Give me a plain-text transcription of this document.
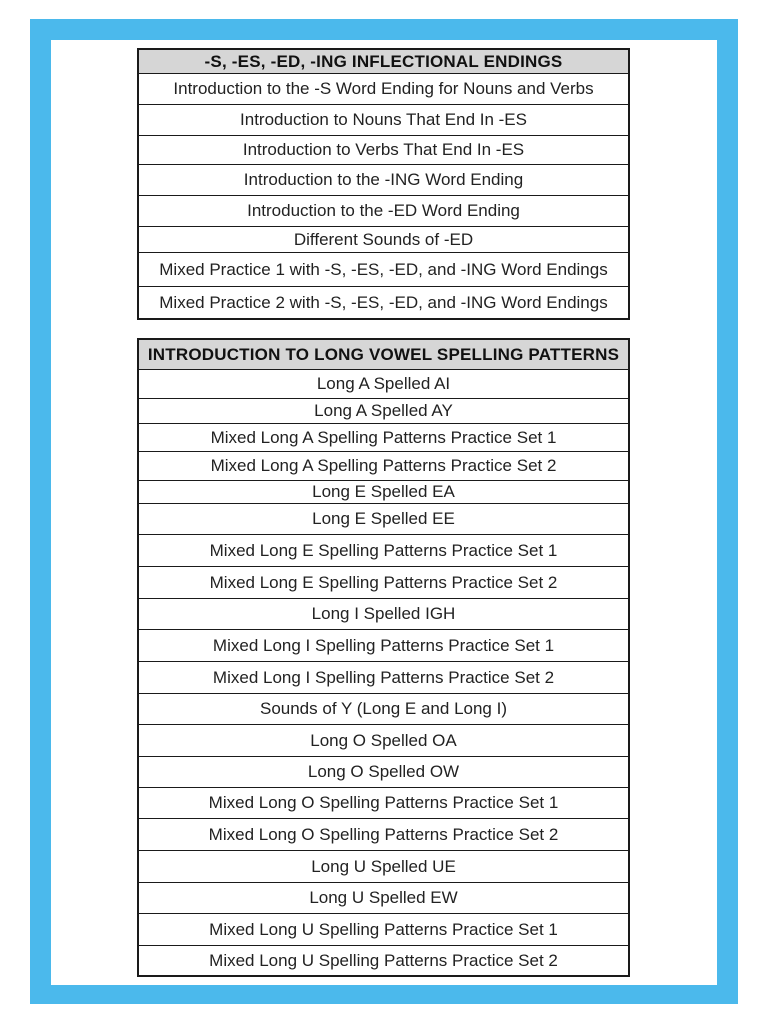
-S, -ES, -ED, -ING INFLECTIONAL ENDINGS
Introduction to the -S Word Ending for Nouns and Verbs
Introduction to Nouns That End In -ES
Introduction to Verbs That End In -ES
Introduction to the -ING Word Ending
Introduction to the -ED Word Ending
Different Sounds of -ED
Mixed Practice 1 with -S, -ES, -ED, and -ING Word Endings
Mixed Practice 2 with -S, -ES, -ED, and -ING Word Endings
INTRODUCTION TO LONG VOWEL SPELLING PATTERNS
Long A Spelled AI
Long A Spelled AY
Mixed Long A Spelling Patterns Practice Set 1
Mixed Long A Spelling Patterns Practice Set 2
Long E Spelled EA
Long E Spelled EE
Mixed Long E Spelling Patterns Practice Set 1
Mixed Long E Spelling Patterns Practice Set 2
Long I Spelled IGH
Mixed Long I Spelling Patterns Practice Set 1
Mixed Long I Spelling Patterns Practice Set 2
Sounds of Y (Long E and Long I)
Long O Spelled OA
Long O Spelled OW
Mixed Long O Spelling Patterns Practice Set 1
Mixed Long O Spelling Patterns Practice Set 2
Long U Spelled UE
Long U Spelled EW
Mixed Long U Spelling Patterns Practice Set 1
Mixed Long U Spelling Patterns Practice Set 2
